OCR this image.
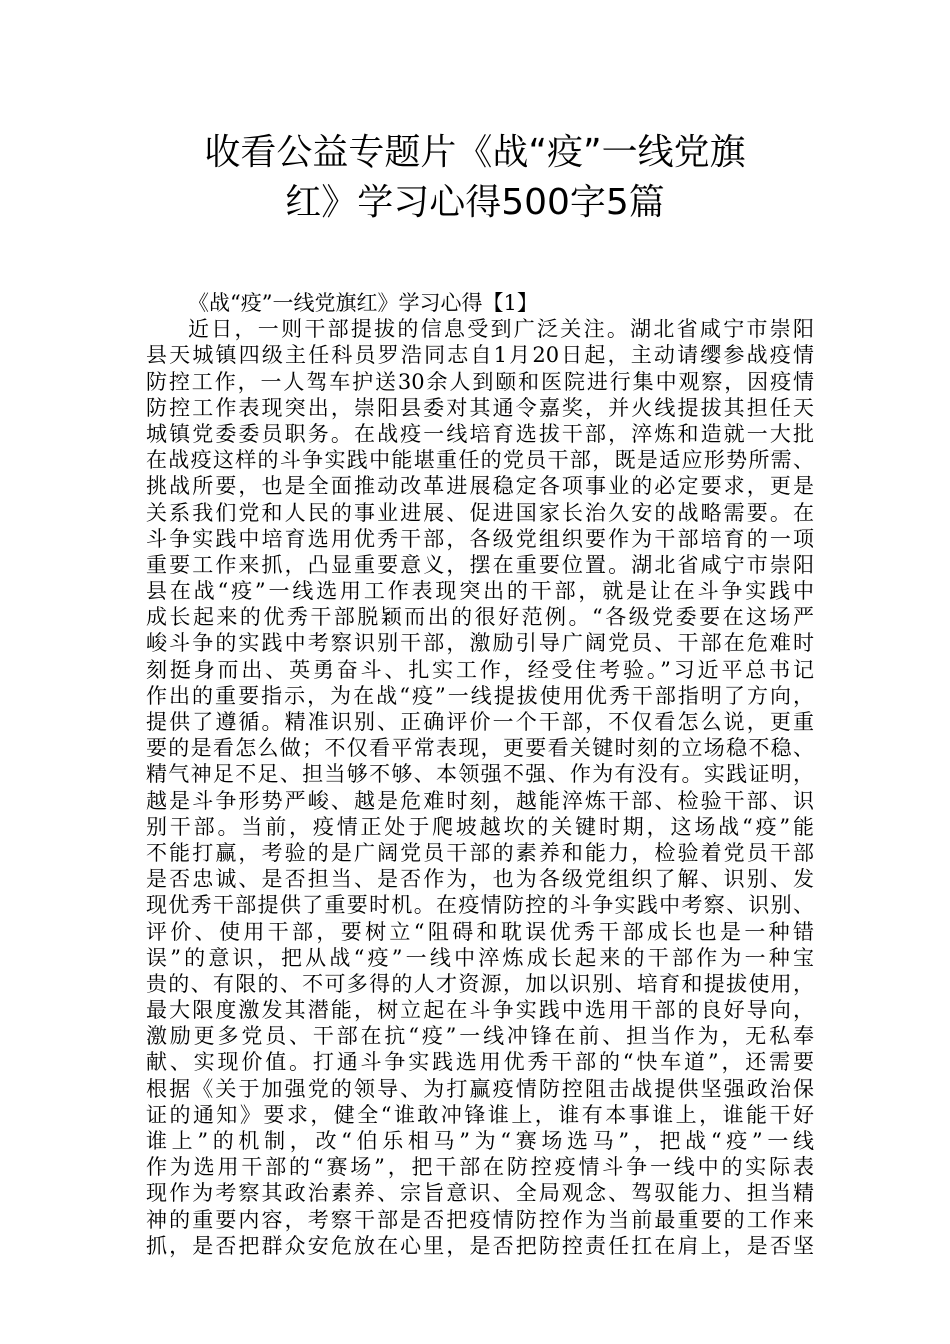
收看公益专题片《战“疫”一线党旗
红》学习心得500字5篇
《战“疫”一线党旗红》学习心得【1】
近日，一则干部提拔的信息受到广泛关注。湖北省咸宁市崇阳
县天城镇四级主任科员罗浩同志自1月20日起，主动请缨参战疫情
防控工作，一人驾车护送30余人到颐和医院进行集中观察，因疫情
防控工作表现突出，崇阳县委对其通令嘉奖，并火线提拔其担任天
城镇党委委员职务。在战疫一线培育选拔干部，淬炼和造就一大批
在战疫这样的斗争实践中能堪重任的党员干部，既是适应形势所需、
挑战所要，也是全面推动改革进展稳定各项事业的必定要求，更是
关系我们党和人民的事业进展、促进国家长治久安的战略需要。在
斗争实践中培育选用优秀干部，各级党组织要作为干部培育的一项
重要工作来抓，凸显重要意义，摆在重要位置。湖北省咸宁市崇阳
县在战“疫”一线选用工作表现突出的干部，就是让在斗争实践中
成长起来的优秀干部脱颖而出的很好范例。“各级党委要在这场严
峻斗争的实践中考察识别干部，激励引导广阔党员、干部在危难时
刻挺身而出、英勇奋斗、扎实工作，经受住考验。”习近平总书记
作出的重要指示，为在战“疫”一线提拔使用优秀干部指明了方向，
提供了遵循。精准识别、正确评价一个干部，不仅看怎么说，更重
要的是看怎么做；不仅看平常表现，更要看关键时刻的立场稳不稳、
精气神足不足、担当够不够、本领强不强、作为有没有。实践证明，
越是斗争形势严峻、越是危难时刻，越能淬炼干部、检验干部、识
别干部。当前，疫情正处于爬坡越坎的关键时期，这场战“疫”能
不能打赢，考验的是广阔党员干部的素养和能力，检验着党员干部
是否忠诚、是否担当、是否作为，也为各级党组织了解、识别、发
现优秀干部提供了重要时机。在疫情防控的斗争实践中考察、识别、
评价、使用干部，要树立“阻碍和耽误优秀干部成长也是一种错
误”的意识，把从战“疫”一线中淬炼成长起来的干部作为一种宝
贵的、有限的、不可多得的人才资源，加以识别、培育和提拔使用，
最大限度激发其潜能，树立起在斗争实践中选用干部的良好导向，
激励更多党员、干部在抗“疫”一线冲锋在前、担当作为，无私奉
献、实现价值。打通斗争实践选用优秀干部的“快车道”，还需要
根据《关于加强党的领导、为打赢疫情防控阻击战提供坚强政治保
证的通知》要求，健全“谁敢冲锋谁上，谁有本事谁上，谁能干好
谁上”的机制，改“伯乐相马”为“赛场选马”，把战“疫”一线
作为选用干部的“赛场”，把干部在防控疫情斗争一线中的实际表
现作为考察其政治素养、宗旨意识、全局观念、驾驭能力、担当精
神的重要内容，考察干部是否把疫情防控作为当前最重要的工作来
抓，是否把群众安危放在心里，是否把防控责任扛在肩上，是否坚
